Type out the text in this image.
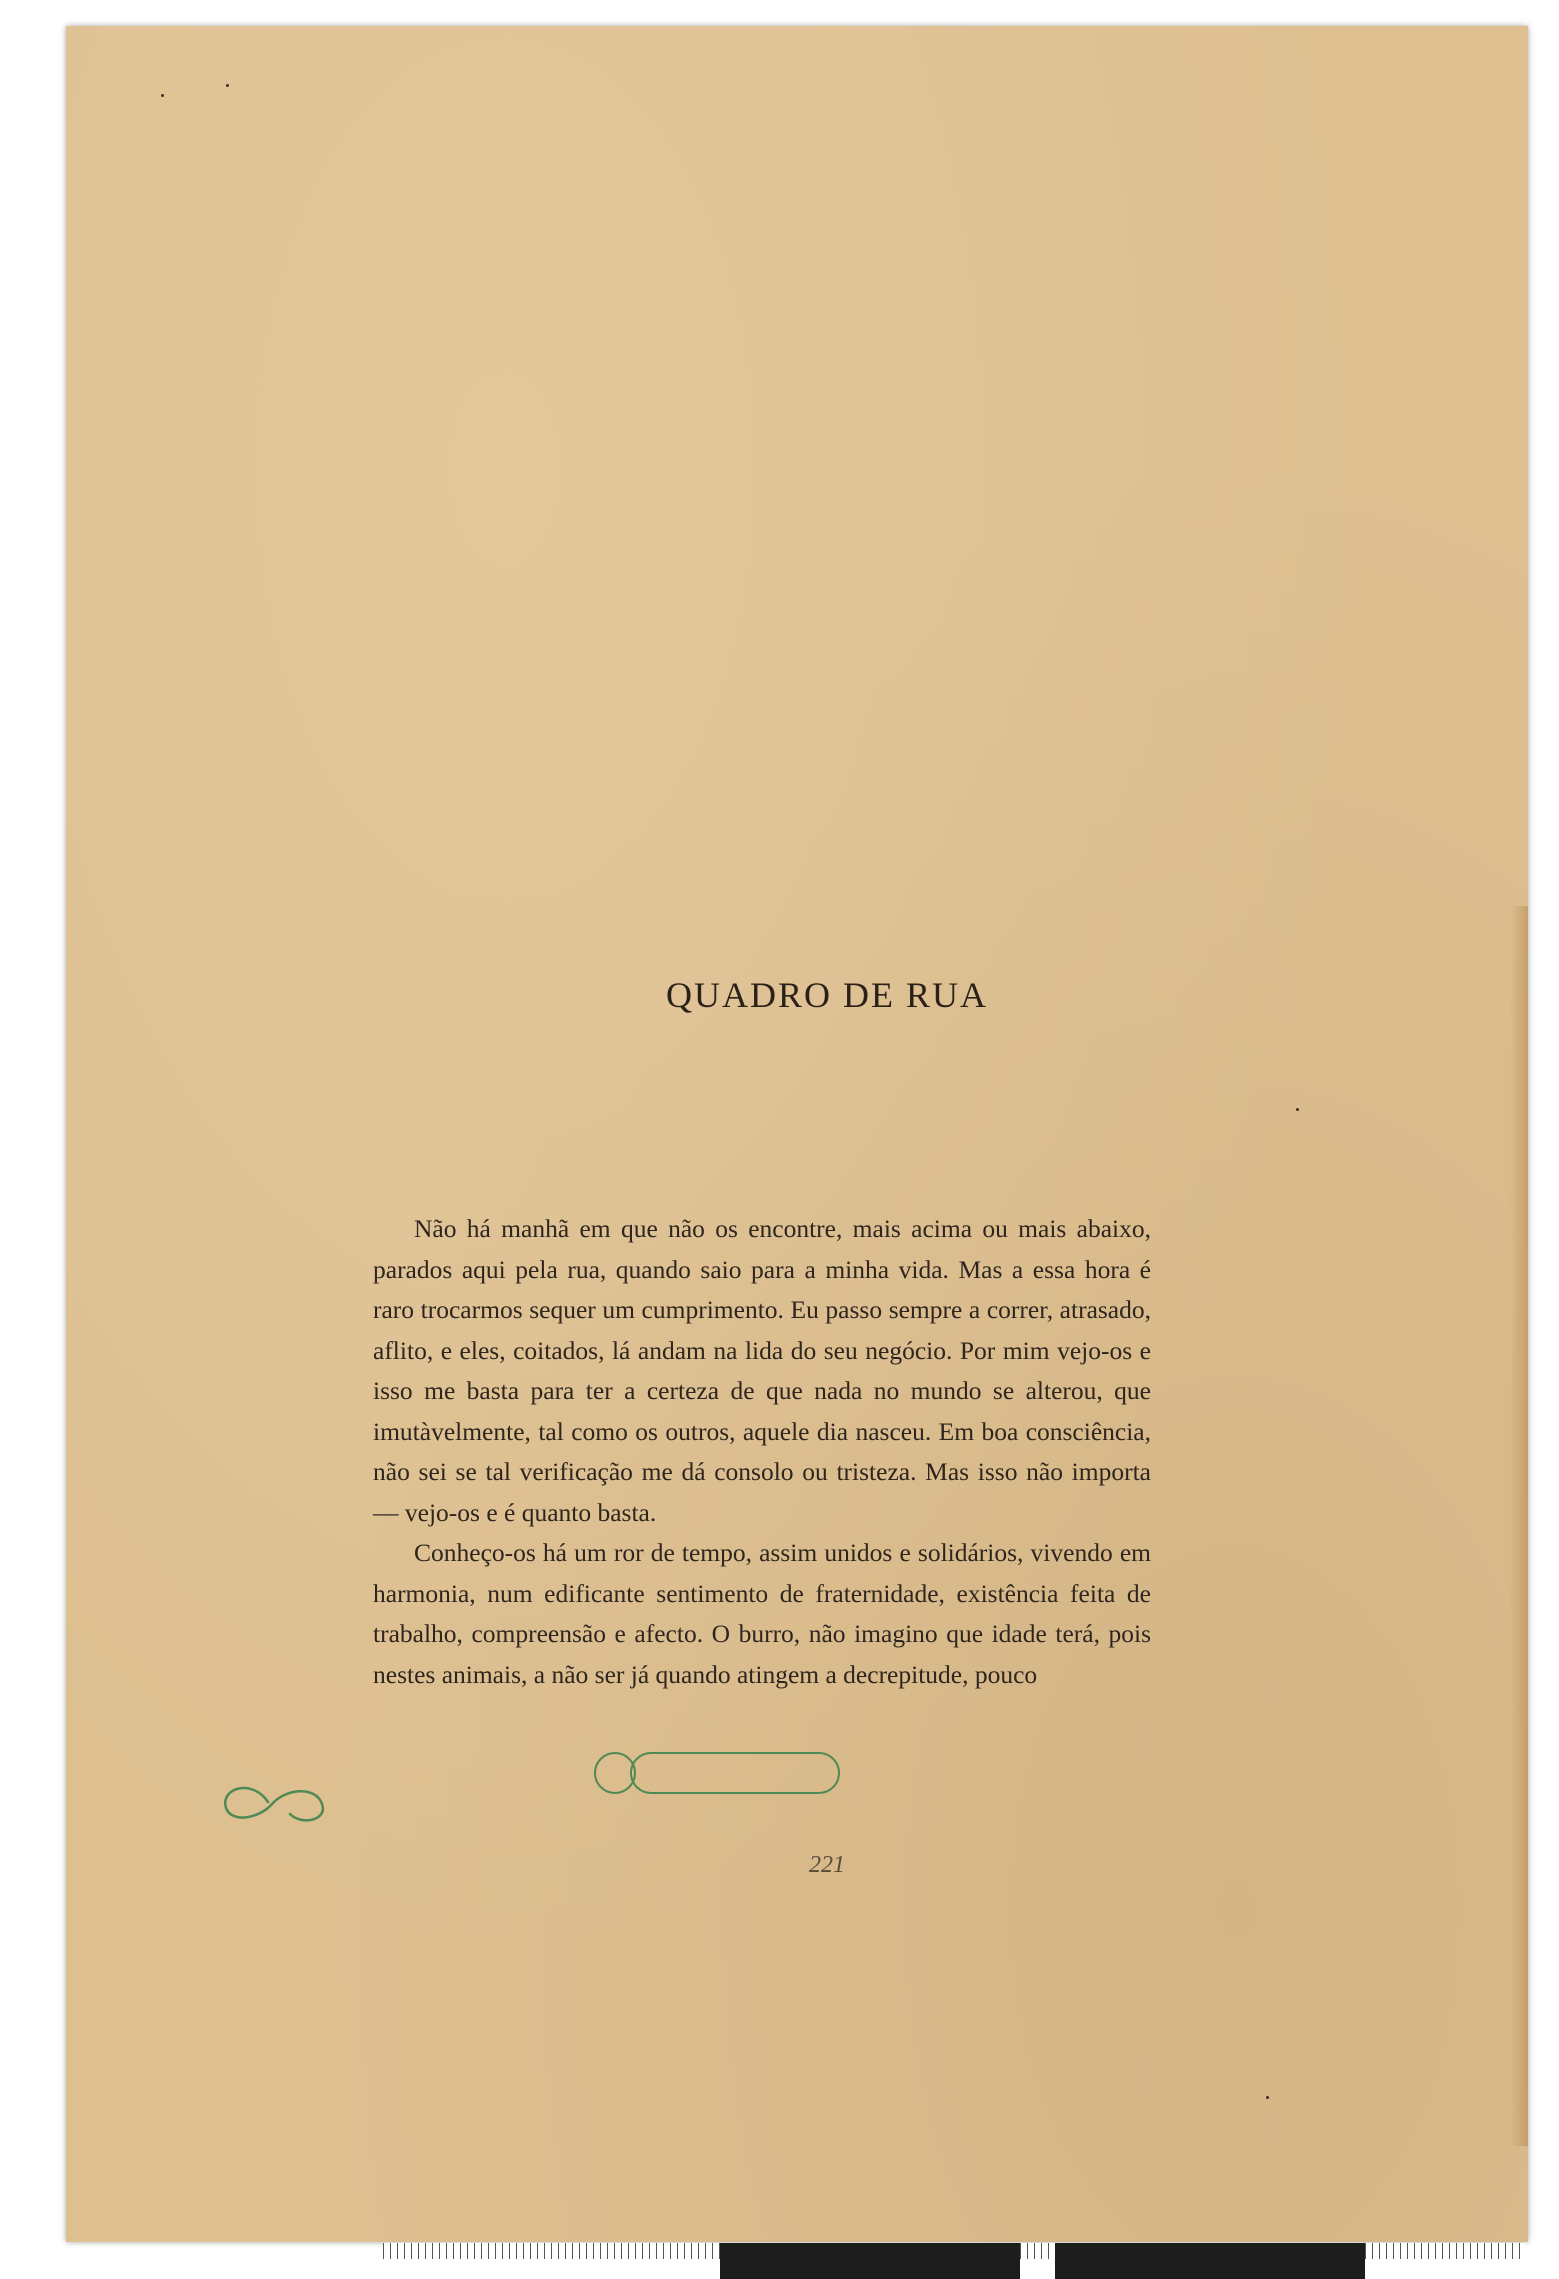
QUADRO DE RUA

Não há manhã em que não os encontre, mais acima ou mais abaixo, parados aqui pela rua, quando saio para a minha vida. Mas a essa hora é raro trocarmos sequer um cumprimento. Eu passo sempre a correr, atrasado, aflito, e eles, coitados, lá andam na lida do seu negócio. Por mim vejo-os e isso me basta para ter a certeza de que nada no mundo se alterou, que imutàvelmente, tal como os outros, aquele dia nasceu. Em boa consciência, não sei se tal verificação me dá consolo ou tristeza. Mas isso não importa — vejo-os e é quanto basta.

Conheço-os há um ror de tempo, assim unidos e solidários, vivendo em harmonia, num edificante sentimento de fraternidade, existência feita de trabalho, compreensão e afecto. O burro, não imagino que idade terá, pois nestes animais, a não ser já quando atingem a decrepitude, pouco

221
